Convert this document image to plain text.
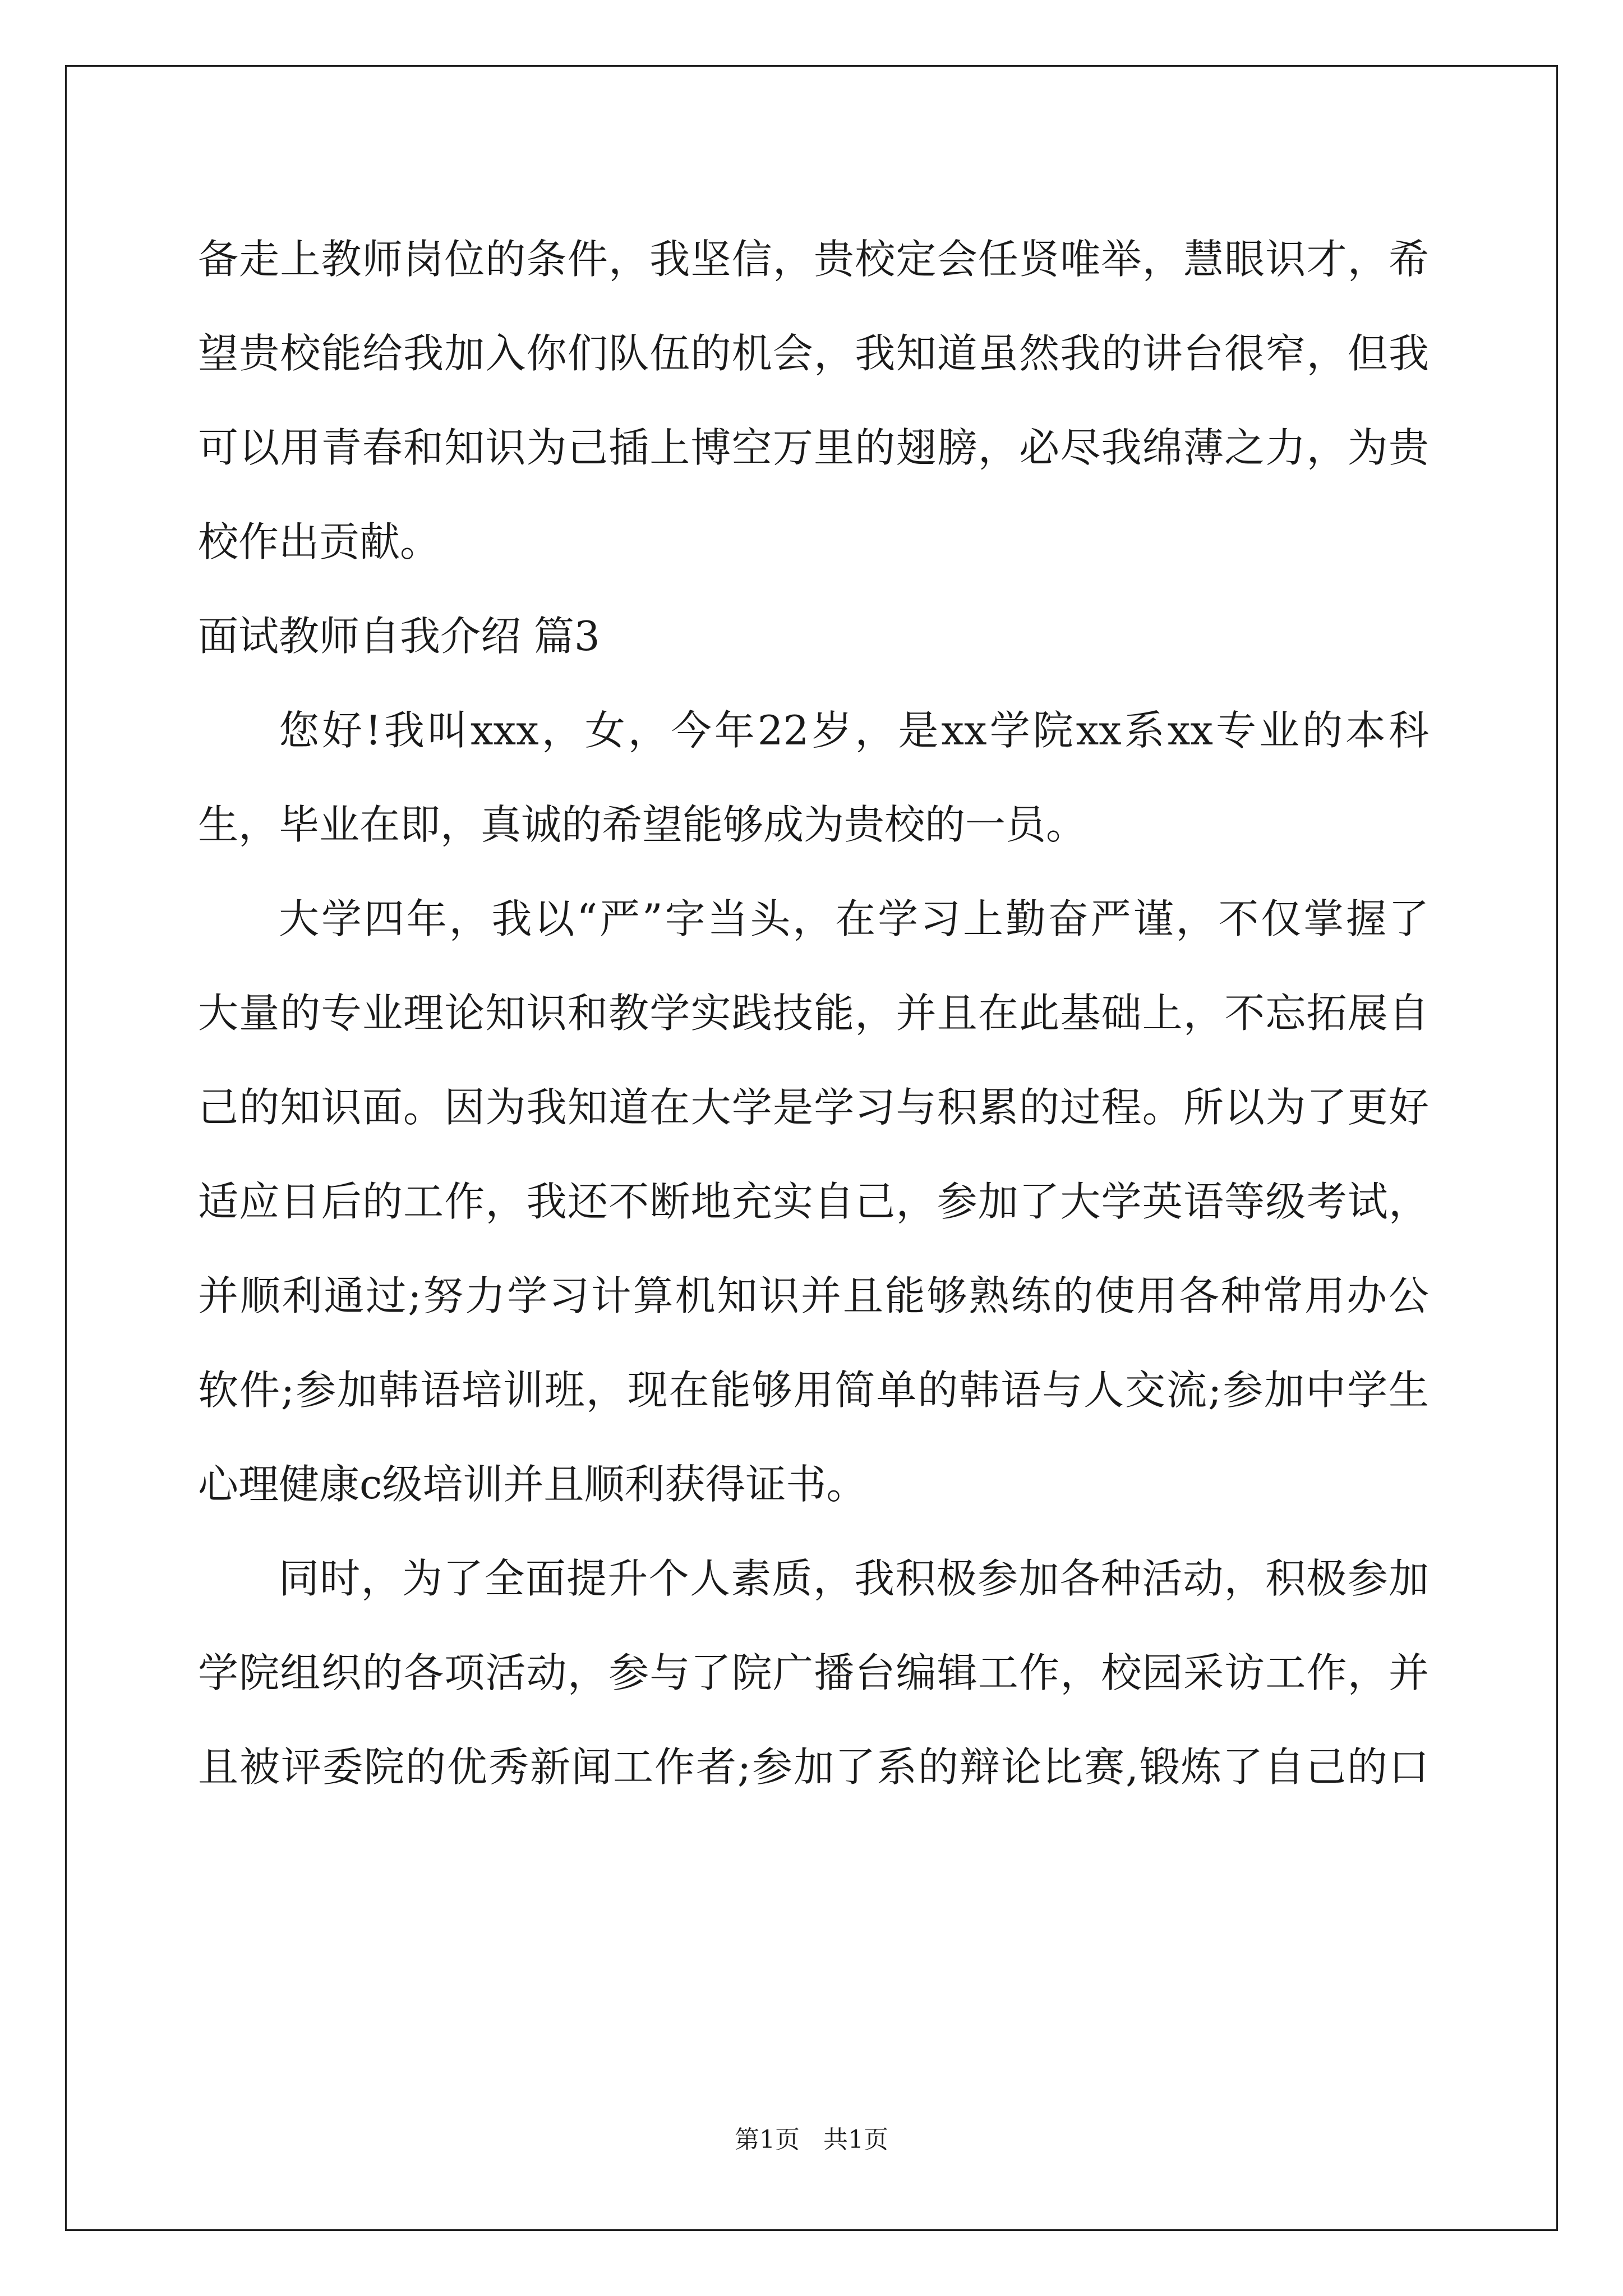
备走上教师岗位的条件，我坚信，贵校定会任贤唯举，慧眼识才，希
望贵校能给我加入你们队伍的机会，我知道虽然我的讲台很窄，但我
可以用青春和知识为己插上博空万里的翅膀，必尽我绵薄之力，为贵
校作出贡献。
面试教师自我介绍 篇3
您好!我叫xxx，女，今年22岁，是xx学院xx系xx专业的本科
生，毕业在即，真诚的希望能够成为贵校的一员。
大学四年，我以“严”字当头，在学习上勤奋严谨，不仅掌握了
大量的专业理论知识和教学实践技能，并且在此基础上，不忘拓展自
己的知识面。因为我知道在大学是学习与积累的过程。所以为了更好
适应日后的工作，我还不断地充实自己，参加了大学英语等级考试，
并顺利通过;努力学习计算机知识并且能够熟练的使用各种常用办公
软件;参加韩语培训班，现在能够用简单的韩语与人交流;参加中学生
心理健康c级培训并且顺利获得证书。
同时，为了全面提升个人素质，我积极参加各种活动，积极参加
学院组织的各项活动，参与了院广播台编辑工作，校园采访工作，并
且被评委院的优秀新闻工作者;参加了系的辩论比赛,锻炼了自己的口
第1页 共1页
